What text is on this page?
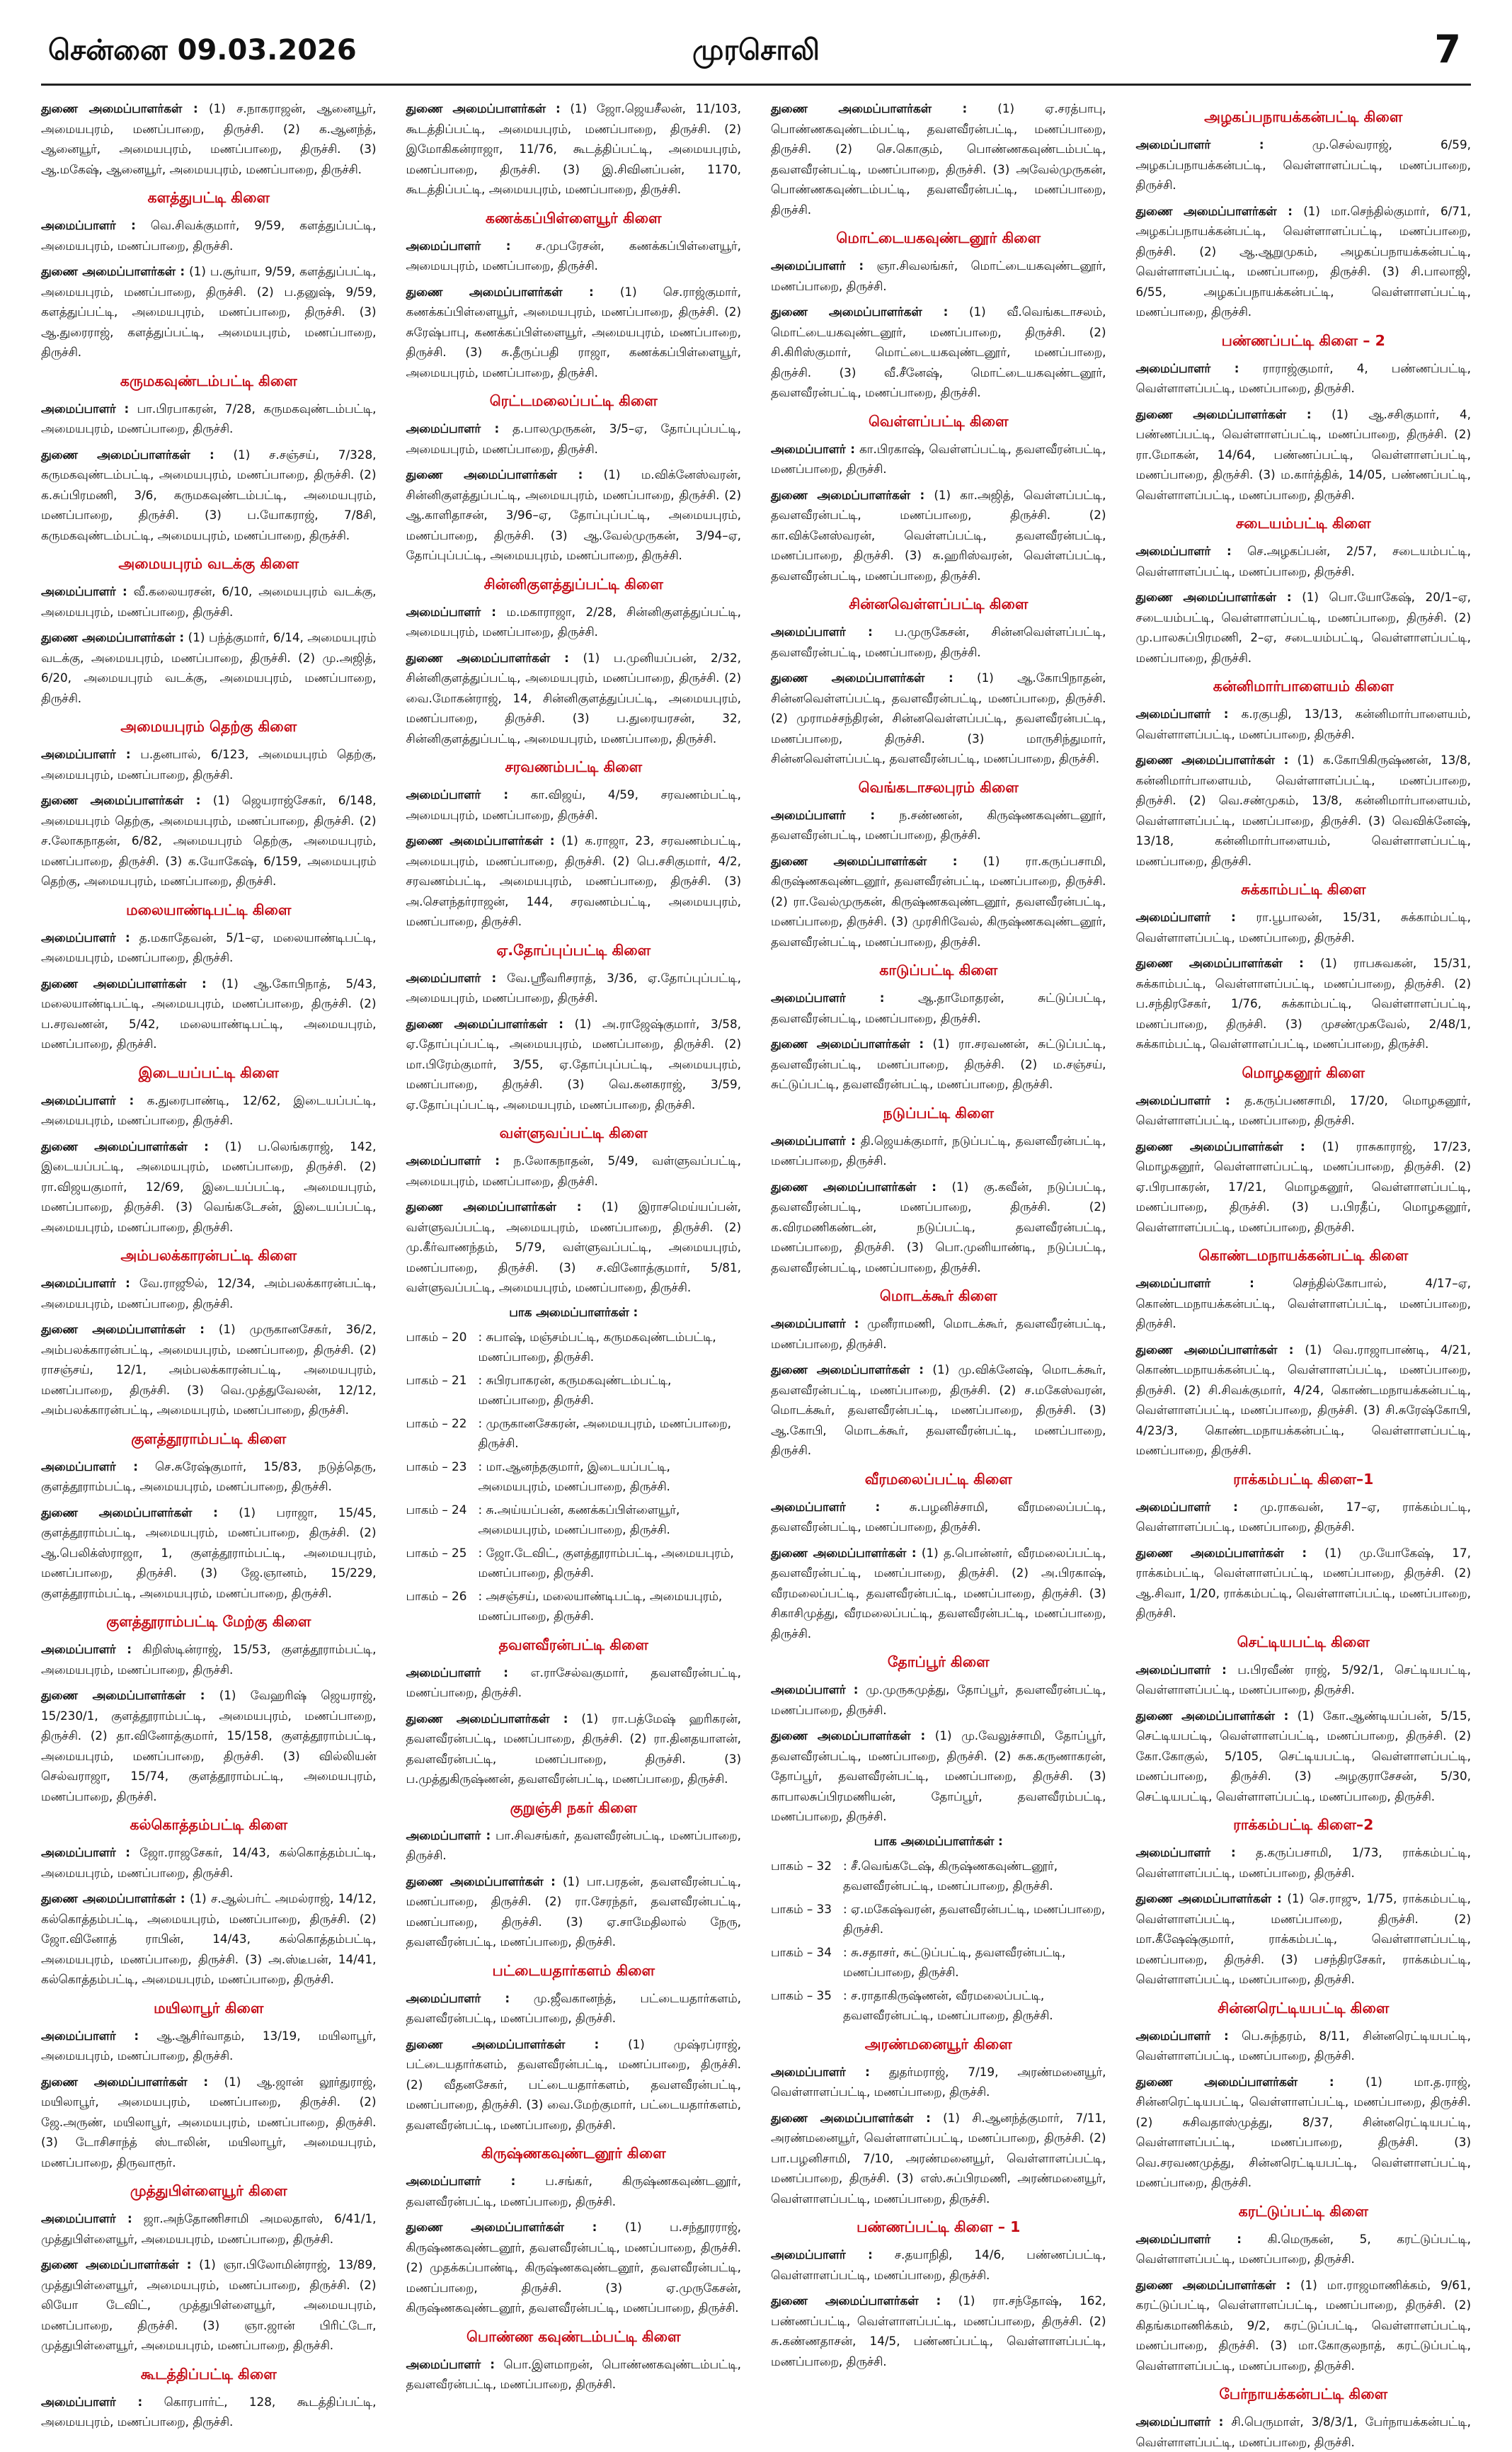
சென்னை 09.03.2026	முரசொலி	7

துணை அமைப்பாளர்கள் : (1) ச.நாகராஜன், ஆனையூர், அமையபுரம், மணப்பாறை, திருச்சி. (2) க.ஆனந்த், ஆனையூர், அமையபுரம், மணப்பாறை, திருச்சி. (3) ஆ.மகேஷ், ஆனையூர், அமையபுரம், மணப்பாறை, திருச்சி.

களத்துபட்டி கிளை

அமைப்பாளர் : வெ.சிவக்குமார், 9/59, களத்துப்பட்டி, அமையபுரம், மணப்பாறை, திருச்சி.

துணை அமைப்பாளர்கள் : (1) ப.சூர்யா, 9/59, களத்துப்பட்டி, அமையபுரம், மணப்பாறை, திருச்சி. (2) ப.தனுஷ், 9/59, களத்துப்பட்டி, அமையபுரம், மணப்பாறை, திருச்சி. (3) ஆ.துரைராஜ், களத்துப்பட்டி, அமையபுரம், மணப்பாறை, திருச்சி.

கருமகவுண்டம்பட்டி கிளை

அமைப்பாளர் : பா.பிரபாகரன், 7/28, கருமகவுண்டம்பட்டி, அமையபுரம், மணப்பாறை, திருச்சி.

துணை அமைப்பாளர்கள் : (1) ச.சஞ்சய், 7/328, கருமகவுண்டம்பட்டி, அமையபுரம், மணப்பாறை, திருச்சி. (2) க.சுப்பிரமணி, 3/6, கருமகவுண்டம்பட்டி, அமையபுரம், மணப்பாறை, திருச்சி. (3) ப.யோகராஜ், 7/8சி, கருமகவுண்டம்பட்டி, அமையபுரம், மணப்பாறை, திருச்சி.

அமையபுரம் வடக்கு கிளை

அமைப்பாளர் : வீ.கலையரசன், 6/10, அமையபுரம் வடக்கு, அமையபுரம், மணப்பாறை, திருச்சி.

துணை அமைப்பாளர்கள் : (1) பந்த்குமார், 6/14, அமையபுரம் வடக்கு, அமையபுரம், மணப்பாறை, திருச்சி. (2) மு.அஜித், 6/20, அமையபுரம் வடக்கு, அமையபுரம், மணப்பாறை, திருச்சி.

அமையபுரம் தெற்கு கிளை

அமைப்பாளர் : ப.தனபால், 6/123, அமையபுரம் தெற்கு, அமையபுரம், மணப்பாறை, திருச்சி.

துணை அமைப்பாளர்கள் : (1) ஜெயராஜ்சேகர், 6/148, அமையபுரம் தெற்கு, அமையபுரம், மணப்பாறை, திருச்சி. (2) ச.லோகநாதன், 6/82, அமையபுரம் தெற்கு, அமையபுரம், மணப்பாறை, திருச்சி. (3) க.யோகேஷ், 6/159, அமையபுரம் தெற்கு, அமையபுரம், மணப்பாறை, திருச்சி.

மலையாண்டிபட்டி கிளை

அமைப்பாளர் : த.மகாதேவன், 5/1–ஏ, மலையாண்டிபட்டி, அமையபுரம், மணப்பாறை, திருச்சி.

துணை அமைப்பாளர்கள் : (1) ஆ.கோபிநாத், 5/43, மலையாண்டிபட்டி, அமையபுரம், மணப்பாறை, திருச்சி. (2) ப.சரவணன், 5/42, மலையாண்டிபட்டி, அமையபுரம், மணப்பாறை, திருச்சி.

இடையப்பட்டி கிளை

அமைப்பாளர் : க.துரைபாண்டி, 12/62, இடையப்பட்டி, அமையபுரம், மணப்பாறை, திருச்சி.

துணை அமைப்பாளர்கள் : (1) ப.லெங்கராஜ், 142, இடையப்பட்டி, அமையபுரம், மணப்பாறை, திருச்சி. (2) ரா.விஜயகுமார், 12/69, இடையப்பட்டி, அமையபுரம், மணப்பாறை, திருச்சி. (3) வெங்கடேசன், இடையப்பட்டி, அமையபுரம், மணப்பாறை, திருச்சி.

அம்பலக்காரன்பட்டி கிளை

அமைப்பாளர் : வே.ராஜூல், 12/34, அம்பலக்காரன்பட்டி, அமையபுரம், மணப்பாறை, திருச்சி.

துணை அமைப்பாளர்கள் : (1) முருகானசேகர், 36/2, அம்பலக்காரன்பட்டி, அமையபுரம், மணப்பாறை, திருச்சி. (2) ராசஞ்சய், 12/1, அம்பலக்காரன்பட்டி, அமையபுரம், மணப்பாறை, திருச்சி. (3) வெ.முத்துவேலன், 12/12, அம்பலக்காரன்பட்டி, அமையபுரம், மணப்பாறை, திருச்சி.

குளத்தூராம்பட்டி கிளை

அமைப்பாளர் : செ.சுரேஷ்குமார், 15/83, நடுத்தெரு, குளத்தூராம்பட்டி, அமையபுரம், மணப்பாறை, திருச்சி.

துணை அமைப்பாளர்கள் : (1) பராஜா, 15/45, குளத்தூராம்பட்டி, அமையபுரம், மணப்பாறை, திருச்சி. (2) ஆ.பெலிக்ஸ்ராஜா, 1, குளத்தூராம்பட்டி, அமையபுரம், மணப்பாறை, திருச்சி. (3) ஜே.ஞானம், 15/229, குளத்தூராம்பட்டி, அமையபுரம், மணப்பாறை, திருச்சி.

குளத்தூராம்பட்டி மேற்கு கிளை

அமைப்பாளர் : கிறிஸ்டின்ராஜ், 15/53, குளத்தூராம்பட்டி, அமையபுரம், மணப்பாறை, திருச்சி.

துணை அமைப்பாளர்கள் : (1) வேஹரிஷ் ஜெயராஜ், 15/230/1, குளத்தூராம்பட்டி, அமையபுரம், மணப்பாறை, திருச்சி. (2) தா.வினோத்குமார், 15/158, குளத்தூராம்பட்டி, அமையபுரம், மணப்பாறை, திருச்சி. (3) வில்லியன் செல்வராஜா, 15/74, குளத்தூராம்பட்டி, அமையபுரம், மணப்பாறை, திருச்சி.

கல்கொத்தம்பட்டி கிளை

அமைப்பாளர் : ஜோ.ராஜசேகர், 14/43, கல்கொத்தம்பட்டி, அமையபுரம், மணப்பாறை, திருச்சி.

துணை அமைப்பாளர்கள் : (1) ச.ஆல்பர்ட் அமல்ராஜ், 14/12, கல்கொத்தம்பட்டி, அமையபுரம், மணப்பாறை, திருச்சி. (2) ஜோ.வினோத் ராபின், 14/43, கல்கொத்தம்பட்டி, அமையபுரம், மணப்பாறை, திருச்சி. (3) அ.ஸ்டீபன், 14/41, கல்கொத்தம்பட்டி, அமையபுரம், மணப்பாறை, திருச்சி.

மயிலாபூர் கிளை

அமைப்பாளர் : ஆ.ஆசிர்வாதம், 13/19, மயிலாபூர், அமையபுரம், மணப்பாறை, திருச்சி.

துணை அமைப்பாளர்கள் : (1) ஆ.ஜான் லூர்துராஜ், மயிலாபூர், அமையபுரம், மணப்பாறை, திருச்சி. (2) ஜே.அருண், மயிலாபூர், அமையபுரம், மணப்பாறை, திருச்சி. (3) டோசிசாந்த் ஸ்டாலின், மயிலாபூர், அமையபுரம், மணப்பாறை, திருவாரூர்.

முத்துபிள்ளையூர் கிளை

அமைப்பாளர் : ஜா.அந்தோணிசாமி அமலதாஸ், 6/41/1, முத்துபிள்ளையூர், அமையபுரம், மணப்பாறை, திருச்சி.

துணை அமைப்பாளர்கள் : (1) ஞா.பிலோமின்ராஜ், 13/89, முத்துபிள்ளையூர், அமையபுரம், மணப்பாறை, திருச்சி. (2) லியோ டேவிட், முத்துபிள்ளையூர், அமையபுரம், மணப்பாறை, திருச்சி. (3) ஞா.ஜான் பிரிட்டோ, முத்துபிள்ளையூர், அமையபுரம், மணப்பாறை, திருச்சி.

கூடத்திப்பட்டி கிளை

அமைப்பாளர் : கொரபார்ட், 128, கூடத்திப்பட்டி, அமையபுரம், மணப்பாறை, திருச்சி.

துணை அமைப்பாளர்கள் : (1) ஜோ.ஜெயசீலன், 11/103, கூடத்திப்பட்டி, அமையபுரம், மணப்பாறை, திருச்சி. (2) இமோகிகன்ராஜா, 11/76, கூடத்திப்பட்டி, அமையபுரம், மணப்பாறை, திருச்சி. (3) இ.சிவினப்பன், 1170, கூடத்திப்பட்டி, அமையபுரம், மணப்பாறை, திருச்சி.

கணக்கப்பிள்ளையூர் கிளை

அமைப்பாளர் : ச.முபரேசன், கணக்கப்பிள்ளையூர், அமையபுரம், மணப்பாறை, திருச்சி.

துணை அமைப்பாளர்கள் : (1) செ.ராஜ்குமார், கணக்கப்பிள்ளையூர், அமையபுரம், மணப்பாறை, திருச்சி. (2) சுரேஷ்பாபு, கணக்கப்பிள்ளையூர், அமையபுரம், மணப்பாறை, திருச்சி. (3) சு.தீருப்பதி ராஜா, கணக்கப்பிள்ளையூர், அமையபுரம், மணப்பாறை, திருச்சி.

ரெட்டமலைப்பட்டி கிளை

அமைப்பாளர் : த.பாலமுருகன், 3/5–ஏ, தோப்புப்பட்டி, அமையபுரம், மணப்பாறை, திருச்சி.

துணை அமைப்பாளர்கள் : (1) ம.விக்னேஸ்வரன், சின்னிகுளத்துப்பட்டி, அமையபுரம், மணப்பாறை, திருச்சி. (2) ஆ.காளிதாசன், 3/96–ஏ, தோப்புப்பட்டி, அமையபுரம், மணப்பாறை, திருச்சி. (3) ஆ.வேல்முருகன், 3/94–ஏ, தோப்புப்பட்டி, அமையபுரம், மணப்பாறை, திருச்சி.

சின்னிகுளத்துப்பட்டி கிளை

அமைப்பாளர் : ம.மகாராஜா, 2/28, சின்னிகுளத்துப்பட்டி, அமையபுரம், மணப்பாறை, திருச்சி.

துணை அமைப்பாளர்கள் : (1) ப.முனியப்பன், 2/32, சின்னிகுளத்துப்பட்டி, அமையபுரம், மணப்பாறை, திருச்சி. (2) வை.மோகன்ராஜ், 14, சின்னிகுளத்துப்பட்டி, அமையபுரம், மணப்பாறை, திருச்சி. (3) ப.துரையரசன், 32, சின்னிகுளத்துப்பட்டி, அமையபுரம், மணப்பாறை, திருச்சி.

சரவணம்பட்டி கிளை

அமைப்பாளர் : கா.விஜய், 4/59, சரவணம்பட்டி, அமையபுரம், மணப்பாறை, திருச்சி.

துணை அமைப்பாளர்கள் : (1) க.ராஜா, 23, சரவணம்பட்டி, அமையபுரம், மணப்பாறை, திருச்சி. (2) பெ.சசிகுமார், 4/2, சரவணம்பட்டி, அமையபுரம், மணப்பாறை, திருச்சி. (3) அ.செளந்தர்ராஜன், 144, சரவணம்பட்டி, அமையபுரம், மணப்பாறை, திருச்சி.

ஏ.தோப்புப்பட்டி கிளை

அமைப்பாளர் : வே.ஸ்ரீவரிசராத், 3/36, ஏ.தோப்புப்பட்டி, அமையபுரம், மணப்பாறை, திருச்சி.

துணை அமைப்பாளர்கள் : (1) அ.ராஜேஷ்குமார், 3/58, ஏ.தோப்புப்பட்டி, அமையபுரம், மணப்பாறை, திருச்சி. (2) மா.பிரேம்குமார், 3/55, ஏ.தோப்புப்பட்டி, அமையபுரம், மணப்பாறை, திருச்சி. (3) வெ.கனகராஜ், 3/59, ஏ.தோப்புப்பட்டி, அமையபுரம், மணப்பாறை, திருச்சி.

வள்ளுவப்பட்டி கிளை

அமைப்பாளர் : ந.லோகநாதன், 5/49, வள்ளுவப்பட்டி, அமையபுரம், மணப்பாறை, திருச்சி.

துணை அமைப்பாளர்கள் : (1) இராசமெய்யப்பன், வள்ளுவப்பட்டி, அமையபுரம், மணப்பாறை, திருச்சி. (2) மு.கீர்வாணந்தம், 5/79, வள்ளுவப்பட்டி, அமையபுரம், மணப்பாறை, திருச்சி. (3) ச.வினோத்குமார், 5/81, வள்ளுவப்பட்டி, அமையபுரம், மணப்பாறை, திருச்சி.

பாக அமைப்பாளர்கள் :
பாகம் – 20 : சுபாஷ், மஞ்சம்பட்டி, கருமகவுண்டம்பட்டி, மணப்பாறை, திருச்சி.
பாகம் – 21 : சுபிரபாகரன், கருமகவுண்டம்பட்டி, மணப்பாறை, திருச்சி.
பாகம் – 22 : முருகானசேகரன், அமையபுரம், மணப்பாறை, திருச்சி.
பாகம் – 23 : மா.ஆனந்தகுமார், இடையப்பட்டி, அமையபுரம், மணப்பாறை, திருச்சி.
பாகம் – 24 : சு.அய்யப்பன், கணக்கப்பிள்ளையூர், அமையபுரம், மணப்பாறை, திருச்சி.
பாகம் – 25 : ஜோ.டேவிட், குளத்தூராம்பட்டி, அமையபுரம், மணப்பாறை, திருச்சி.
பாகம் – 26 : அசஞ்சய், மலையாண்டிபட்டி, அமையபுரம், மணப்பாறை, திருச்சி.
தவளவீரன்பட்டி கிளை

அமைப்பாளர் : எ.ராசேல்வகுமார், தவளவீரன்பட்டி, மணப்பாறை, திருச்சி.

துணை அமைப்பாளர்கள் : (1) ரா.பத்மேஷ் ஹரிகரன், தவளவீரன்பட்டி, மணப்பாறை, திருச்சி. (2) ரா.தினதயாளன், தவளவீரன்பட்டி, மணப்பாறை, திருச்சி. (3) ப.முத்துகிருஷ்ணன், தவளவீரன்பட்டி, மணப்பாறை, திருச்சி.

குறுஞ்சி நகர் கிளை

அமைப்பாளர் : பா.சிவசங்கர், தவளவீரன்பட்டி, மணப்பாறை, திருச்சி.

துணை அமைப்பாளர்கள் : (1) பா.பரதன், தவளவீரன்பட்டி, மணப்பாறை, திருச்சி. (2) ரா.சேரந்தர், தவளவீரன்பட்டி, மணப்பாறை, திருச்சி. (3) ஏ.சாமேதிலால் நேரு, தவளவீரன்பட்டி, மணப்பாறை, திருச்சி.

பட்டையதார்களம் கிளை

அமைப்பாளர் : மு.ஜீவகானந்த், பட்டையதார்களம், தவளவீரன்பட்டி, மணப்பாறை, திருச்சி.

துணை அமைப்பாளர்கள் : (1) முஷ்ரப்ராஜ், பட்டையதார்களம், தவளவீரன்பட்டி, மணப்பாறை, திருச்சி. (2) வீதனசேகர், பட்டையதார்களம், தவளவீரன்பட்டி, மணப்பாறை, திருச்சி. (3) வை.மேற்குமார், பட்டையதார்களம், தவளவீரன்பட்டி, மணப்பாறை, திருச்சி.

கிருஷ்ணகவுண்டனூர் கிளை

அமைப்பாளர் : ப.சங்கர், கிருஷ்ணகவுண்டனூர், தவளவீரன்பட்டி, மணப்பாறை, திருச்சி.

துணை அமைப்பாளர்கள் : (1) ப.சந்தூரராஜ், கிருஷ்ணகவுண்டனூர், தவளவீரன்பட்டி, மணப்பாறை, திருச்சி. (2) முதக்கப்பாண்டி, கிருஷ்ணகவுண்டனூர், தவளவீரன்பட்டி, மணப்பாறை, திருச்சி. (3) ஏ.முருகேசன், கிருஷ்ணகவுண்டனூர், தவளவீரன்பட்டி, மணப்பாறை, திருச்சி.

பொண்ண கவுண்டம்பட்டி கிளை

அமைப்பாளர் : பொ.இளமாறன், பொண்ணகவுண்டம்பட்டி, தவளவீரன்பட்டி, மணப்பாறை, திருச்சி.

துணை அமைப்பாளர்கள் :	(1) ஏ.சரத்பாபு, பொண்ணகவுண்டம்பட்டி, தவளவீரன்பட்டி, மணப்பாறை, திருச்சி. (2) செ.கொகும், பொண்ணகவுண்டம்பட்டி, தவளவீரன்பட்டி, மணப்பாறை, திருச்சி. (3) அவேல்முருகன், பொண்ணகவுண்டம்பட்டி, தவளவீரன்பட்டி, மணப்பாறை, திருச்சி.

மொட்டையகவுண்டனூர் கிளை

அமைப்பாளர் : ஞா.சிவலங்கர், மொட்டையகவுண்டனூர், மணப்பாறை, திருச்சி.

துணை அமைப்பாளர்கள் : (1) வீ.வெங்கடாசலம், மொட்டையகவுண்டனூர், மணப்பாறை, திருச்சி. (2) சி.கிரிஸ்குமார், மொட்டையகவுண்டனூர், மணப்பாறை, திருச்சி. (3) வீ.சீனேஷ், மொட்டையகவுண்டனூர், தவளவீரன்பட்டி, மணப்பாறை, திருச்சி.

வெள்ளப்பட்டி கிளை

அமைப்பாளர் : கா.பிரகாஷ், வெள்ளப்பட்டி, தவளவீரன்பட்டி, மணப்பாறை, திருச்சி.

துணை அமைப்பாளர்கள் : (1) கா.அஜித், வெள்ளப்பட்டி, தவளவீரன்பட்டி, மணப்பாறை, திருச்சி. (2) கா.விக்னேஸ்வரன், வெள்ளப்பட்டி, தவளவீரன்பட்டி, மணப்பாறை, திருச்சி. (3) சு.ஹரிஸ்வரன், வெள்ளப்பட்டி, தவளவீரன்பட்டி, மணப்பாறை, திருச்சி.

சின்னவெள்ளப்பட்டி கிளை

அமைப்பாளர் : ப.முருகேசன், சின்னவெள்ளப்பட்டி, தவளவீரன்பட்டி, மணப்பாறை, திருச்சி.

துணை அமைப்பாளர்கள் : (1) ஆ.கோபிநாதன், சின்னவெள்ளப்பட்டி, தவளவீரன்பட்டி, மணப்பாறை, திருச்சி. (2) முராமச்சந்திரன், சின்னவெள்ளப்பட்டி, தவளவீரன்பட்டி, மணப்பாறை, திருச்சி. (3) மாருசிந்துமார், சின்னவெள்ளப்பட்டி, தவளவீரன்பட்டி, மணப்பாறை, திருச்சி.

வெங்கடாசலபுரம் கிளை

அமைப்பாளர் : ந.சண்ணன், கிருஷ்ணகவுண்டனூர், தவளவீரன்பட்டி, மணப்பாறை, திருச்சி.

துணை அமைப்பாளர்கள் : (1) ரா.கருப்பசாமி, கிருஷ்ணகவுண்டனூர், தவளவீரன்பட்டி, மணப்பாறை, திருச்சி. (2) ரா.வேல்முருகன், கிருஷ்ணகவுண்டனூர், தவளவீரன்பட்டி, மணப்பாறை, திருச்சி. (3) முரசிரிவேல், கிருஷ்ணகவுண்டனூர், தவளவீரன்பட்டி, மணப்பாறை, திருச்சி.

காடுப்பட்டி கிளை

அமைப்பாளர் :	ஆ.தாமோதரன், சுட்டுப்பட்டி, தவளவீரன்பட்டி, மணப்பாறை, திருச்சி.

துணை அமைப்பாளர்கள் : (1) ரா.சரவணன், சுட்டுப்பட்டி, தவளவீரன்பட்டி, மணப்பாறை, திருச்சி. (2) ம.சஞ்சய், சுட்டுப்பட்டி, தவளவீரன்பட்டி, மணப்பாறை, திருச்சி.

நடுப்பட்டி கிளை

அமைப்பாளர் : தி.ஜெயக்குமார், நடுப்பட்டி, தவளவீரன்பட்டி, மணப்பாறை, திருச்சி.

துணை அமைப்பாளர்கள் : (1) கு.கவீன், நடுப்பட்டி, தவளவீரன்பட்டி, மணப்பாறை, திருச்சி. (2) க.விரமணிகண்டன், நடுப்பட்டி, தவளவீரன்பட்டி, மணப்பாறை, திருச்சி. (3) பொ.முனியாண்டி, நடுப்பட்டி, தவளவீரன்பட்டி, மணப்பாறை, திருச்சி.

மொடக்கூர் கிளை

அமைப்பாளர் : முனீராமணி, மொடக்கூர், தவளவீரன்பட்டி, மணப்பாறை, திருச்சி.

துணை அமைப்பாளர்கள் : (1) மு.விக்னேஷ், மொடக்கூர், தவளவீரன்பட்டி, மணப்பாறை, திருச்சி. (2) ச.மகேஸ்வரன், மொடக்கூர், தவளவீரன்பட்டி, மணப்பாறை, திருச்சி. (3) ஆ.கோபி, மொடக்கூர், தவளவீரன்பட்டி, மணப்பாறை, திருச்சி.

வீரமலைப்பட்டி கிளை

அமைப்பாளர் : சு.பழனிச்சாமி, வீரமலைப்பட்டி, தவளவீரன்பட்டி, மணப்பாறை, திருச்சி.

துணை அமைப்பாளர்கள் : (1) த.பொன்னர், வீரமலைப்பட்டி, தவளவீரன்பட்டி, மணப்பாறை, திருச்சி. (2) அ.பிரகாஷ், வீரமலைப்பட்டி, தவளவீரன்பட்டி, மணப்பாறை, திருச்சி. (3) சிகாசிமுத்து, வீரமலைப்பட்டி, தவளவீரன்பட்டி, மணப்பாறை, திருச்சி.

தோப்பூர் கிளை

அமைப்பாளர் : மு.முருகமுத்து, தோப்பூர், தவளவீரன்பட்டி, மணப்பாறை, திருச்சி.

துணை அமைப்பாளர்கள் : (1) மு.வேலுச்சாமி, தோப்பூர், தவளவீரன்பட்டி, மணப்பாறை, திருச்சி. (2) சுக.கருணாகரன், தோப்பூர், தவளவீரன்பட்டி, மணப்பாறை, திருச்சி. (3) காபாலசுப்பிரமணியன், தோப்பூர், தவளவீரம்பட்டி, மணப்பாறை, திருச்சி.

பாக அமைப்பாளர்கள் :
பாகம் – 32 : சீ.வெங்கடேஷ், கிருஷ்ணகவுண்டனூர், தவளவீரன்பட்டி, மணப்பாறை, திருச்சி.
பாகம் – 33 : ஏ.மகேஷ்வரன், தவளவீரன்பட்டி, மணப்பாறை, திருச்சி.
பாகம் – 34 : சு.சதாசர், சுட்டுப்பட்டி, தவளவீரன்பட்டி, மணப்பாறை, திருச்சி.
பாகம் – 35 : ச.ராதாகிருஷ்ணன், வீரமலைப்பட்டி, தவளவீரன்பட்டி, மணப்பாறை, திருச்சி.
அரண்மனையூர் கிளை

அமைப்பாளர் : துதர்மராஜ், 7/19, அரண்மனையூர், வெள்ளாளப்பட்டி, மணப்பாறை, திருச்சி.

துணை அமைப்பாளர்கள் : (1) சி.ஆனந்த்குமார், 7/11, அரண்மனையூர், வெள்ளாளப்பட்டி, மணப்பாறை, திருச்சி. (2) பா.பழனிசாமி, 7/10, அரண்மனையூர், வெள்ளாளப்பட்டி, மணப்பாறை, திருச்சி. (3) எஸ்.சுப்பிரமணி, அரண்மனையூர், வெள்ளாளப்பட்டி, மணப்பாறை, திருச்சி.

பண்ணப்பட்டி கிளை – 1

அமைப்பாளர் : ச.தயாநிதி, 14/6, பண்ணப்பட்டி, வெள்ளாளப்பட்டி, மணப்பாறை, திருச்சி.

துணை அமைப்பாளர்கள் : (1) ரா.சந்தோஷ், 162, பண்ணப்பட்டி, வெள்ளாளப்பட்டி, மணப்பாறை, திருச்சி. (2) சு.கண்ணதாசன், 14/5, பண்ணப்பட்டி, வெள்ளாளப்பட்டி, மணப்பாறை, திருச்சி.

அழகப்பநாயக்கன்பட்டி கிளை

அமைப்பாளர் :	மு.செல்வராஜ், 6/59, அழகப்பநாயக்கன்பட்டி, வெள்ளாளப்பட்டி, மணப்பாறை, திருச்சி.

துணை அமைப்பாளர்கள் : (1) மா.செந்தில்குமார், 6/71, அழகப்பநாயக்கன்பட்டி, வெள்ளாளப்பட்டி, மணப்பாறை, திருச்சி. (2) ஆ.ஆறுமுகம், அழகப்பநாயக்கன்பட்டி, வெள்ளாளப்பட்டி, மணப்பாறை, திருச்சி. (3) சி.பாலாஜி, 6/55, அழகப்பநாயக்கன்பட்டி, வெள்ளாளப்பட்டி, மணப்பாறை, திருச்சி.

பண்ணப்பட்டி கிளை – 2

அமைப்பாளர் : ராராஜ்குமார், 4, பண்ணப்பட்டி, வெள்ளாளப்பட்டி, மணப்பாறை, திருச்சி.

துணை அமைப்பாளர்கள் : (1) ஆ.சசிகுமார், 4, பண்ணப்பட்டி, வெள்ளாளப்பட்டி, மணப்பாறை, திருச்சி. (2) ரா.மோகன், 14/64, பண்ணப்பட்டி, வெள்ளாளப்பட்டி, மணப்பாறை, திருச்சி. (3) ம.கார்த்திக், 14/05, பண்ணப்பட்டி, வெள்ளாளப்பட்டி, மணப்பாறை, திருச்சி.

சடையம்பட்டி கிளை

அமைப்பாளர் : செ.அழகப்பன், 2/57, சடையம்பட்டி, வெள்ளாளப்பட்டி, மணப்பாறை, திருச்சி.

துணை அமைப்பாளர்கள் : (1) பொ.யோகேஷ், 20/1–ஏ, சடையம்பட்டி, வெள்ளாளப்பட்டி, மணப்பாறை, திருச்சி. (2) மு.பாலசுப்பிரமணி, 2–ஏ, சடையம்பட்டி, வெள்ளாளப்பட்டி, மணப்பாறை, திருச்சி.

கன்னிமார்பாளையம் கிளை

அமைப்பாளர் : க.ரகுபதி, 13/13, கன்னிமார்பாளையம், வெள்ளாளப்பட்டி, மணப்பாறை, திருச்சி.

துணை அமைப்பாளர்கள் : (1) க.கோபிகிருஷ்ணன், 13/8, கன்னிமார்பாளையம், வெள்ளாளப்பட்டி, மணப்பாறை, திருச்சி. (2) வெ.சண்முகம், 13/8, கன்னிமார்பாளையம், வெள்ளாளப்பட்டி, மணப்பாறை, திருச்சி. (3) வெவிக்னேஷ், 13/18, கன்னிமார்பாளையம், வெள்ளாளப்பட்டி, மணப்பாறை, திருச்சி.

சுக்காம்பட்டி கிளை

அமைப்பாளர் : ரா.பூபாலன், 15/31, சுக்காம்பட்டி, வெள்ளாளப்பட்டி, மணப்பாறை, திருச்சி.

துணை அமைப்பாளர்கள் : (1) ராபசுவகன், 15/31, சுக்காம்பட்டி, வெள்ளாளப்பட்டி, மணப்பாறை, திருச்சி. (2) ப.சந்திரசேகர், 1/76, சுக்காம்பட்டி, வெள்ளாளப்பட்டி, மணப்பாறை, திருச்சி. (3) முசண்முகவேல், 2/48/1, சுக்காம்பட்டி, வெள்ளாளப்பட்டி, மணப்பாறை, திருச்சி.

மொழகனூர் கிளை

அமைப்பாளர் : த.கருப்பணசாமி, 17/20, மொழகனூர், வெள்ளாளப்பட்டி, மணப்பாறை, திருச்சி.

துணை அமைப்பாளர்கள் : (1) ராசுகாராஜ், 17/23, மொழகனூர், வெள்ளாளப்பட்டி, மணப்பாறை, திருச்சி. (2) ஏ.பிரபாகரன், 17/21, மொழகனூர், வெள்ளாளப்பட்டி, மணப்பாறை, திருச்சி. (3) ப.பிரதீப், மொழகனூர், வெள்ளாளப்பட்டி, மணப்பாறை, திருச்சி.

கொண்டமநாயக்கன்பட்டி கிளை

அமைப்பாளர் :	செந்தில்கோபால், 4/17–ஏ, கொண்டமநாயக்கன்பட்டி, வெள்ளாளப்பட்டி, மணப்பாறை, திருச்சி.

துணை அமைப்பாளர்கள் : (1) வெ.ராஜாபாண்டி, 4/21, கொண்டமநாயக்கன்பட்டி, வெள்ளாளப்பட்டி, மணப்பாறை, திருச்சி. (2) சி.சிவக்குமார், 4/24, கொண்டமநாயக்கன்பட்டி, வெள்ளாளப்பட்டி, மணப்பாறை, திருச்சி. (3) சி.சுரேஷ்கோபி, 4/23/3, கொண்டமநாயக்கன்பட்டி, வெள்ளாளப்பட்டி, மணப்பாறை, திருச்சி.

ராக்கம்பட்டி கிளை–1

அமைப்பாளர் : மு.ராகவன், 17–ஏ, ராக்கம்பட்டி, வெள்ளாளப்பட்டி, மணப்பாறை, திருச்சி.

துணை அமைப்பாளர்கள் : (1) மு.யோகேஷ், 17, ராக்கம்பட்டி, வெள்ளாளப்பட்டி, மணப்பாறை, திருச்சி. (2) ஆ.சிவா, 1/20, ராக்கம்பட்டி, வெள்ளாளப்பட்டி, மணப்பாறை, திருச்சி.

செட்டியபட்டி கிளை

அமைப்பாளர் : ப.பிரவீண் ராஜ், 5/92/1, செட்டியபட்டி, வெள்ளாளப்பட்டி, மணப்பாறை, திருச்சி.

துணை அமைப்பாளர்கள் : (1) கோ.ஆண்டியப்பன், 5/15, செட்டியபட்டி, வெள்ளாளப்பட்டி, மணப்பாறை, திருச்சி. (2) கோ.கோகுல், 5/105, செட்டியபட்டி, வெள்ளாளப்பட்டி, மணப்பாறை, திருச்சி. (3) அழகுராசேசன், 5/30, செட்டியபட்டி, வெள்ளாளப்பட்டி, மணப்பாறை, திருச்சி.

ராக்கம்பட்டி கிளை–2

அமைப்பாளர் : த.கருப்பசாமி, 1/73, ராக்கம்பட்டி, வெள்ளாளப்பட்டி, மணப்பாறை, திருச்சி.

துணை அமைப்பாளர்கள் : (1) செ.ராஜு, 1/75, ராக்கம்பட்டி, வெள்ளாளப்பட்டி, மணப்பாறை, திருச்சி. (2) மா.கீஷேஷ்குமார், ராக்கம்பட்டி, வெள்ளாளப்பட்டி, மணப்பாறை, திருச்சி. (3) பசந்திரசேகர், ராக்கம்பட்டி, வெள்ளாளப்பட்டி, மணப்பாறை, திருச்சி.

சின்னரெட்டியபட்டி கிளை

அமைப்பாளர் : பெ.சுந்தரம், 8/11, சின்னரெட்டியபட்டி, வெள்ளாளப்பட்டி, மணப்பாறை, திருச்சி.

துணை அமைப்பாளர்கள் :	(1) மா.த.ராஜ், சின்னரெட்டியபட்டி, வெள்ளாளப்பட்டி, மணப்பாறை, திருச்சி. (2) சுசிவதாஸ்முத்து, 8/37, சின்னரெட்டியபட்டி, வெள்ளாளப்பட்டி, மணப்பாறை, திருச்சி. (3) வெ.சரவணமுத்து, சின்னரெட்டியபட்டி, வெள்ளாளப்பட்டி, மணப்பாறை, திருச்சி.

கரட்டுப்பட்டி கிளை

அமைப்பாளர் : கி.மெருகன், 5, கரட்டுப்பட்டி, வெள்ளாளப்பட்டி, மணப்பாறை, திருச்சி.

துணை அமைப்பாளர்கள் : (1) மா.ராஜமாணிக்கம், 9/61, கரட்டுப்பட்டி, வெள்ளாளப்பட்டி, மணப்பாறை, திருச்சி. (2) கிதங்கமாணிக்கம், 9/2, கரட்டுப்பட்டி, வெள்ளாளப்பட்டி, மணப்பாறை, திருச்சி. (3) மா.கோகுலநாத், கரட்டுப்பட்டி, வெள்ளாளப்பட்டி, மணப்பாறை, திருச்சி.

பேர்நாயக்கன்பட்டி கிளை

அமைப்பாளர் : சி.பெருமாள், 3/8/3/1, பேர்நாயக்கன்பட்டி, வெள்ளாளப்பட்டி, மணப்பாறை, திருச்சி.
